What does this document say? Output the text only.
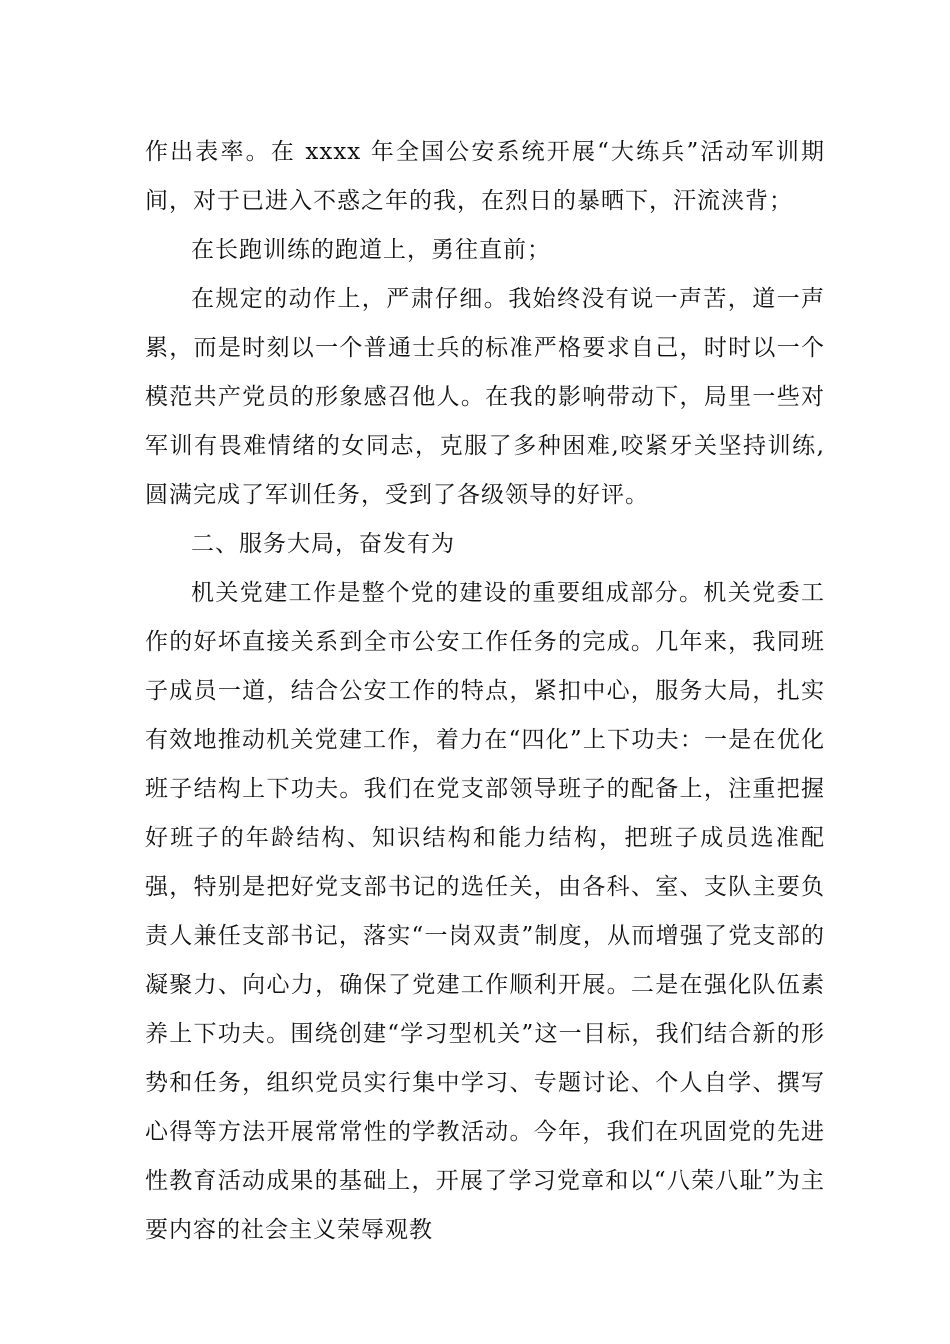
作出表率。在 xxxx 年全国公安系统开展“大练兵”活动军训期间，对于已进入不惑之年的我，在烈日的暴晒下，汗流浃背；

在长跑训练的跑道上，勇往直前；

在规定的动作上，严肃仔细。我始终没有说一声苦，道一声累，而是时刻以一个普通士兵的标准严格要求自己，时时以一个模范共产党员的形象感召他人。在我的影响带动下，局里一些对军训有畏难情绪的女同志，克服了多种困难,咬紧牙关坚持训练,圆满完成了军训任务，受到了各级领导的好评。

二、服务大局，奋发有为

机关党建工作是整个党的建设的重要组成部分。机关党委工作的好坏直接关系到全市公安工作任务的完成。几年来，我同班子成员一道，结合公安工作的特点，紧扣中心，服务大局，扎实有效地推动机关党建工作，着力在“四化”上下功夫：一是在优化班子结构上下功夫。我们在党支部领导班子的配备上，注重把握好班子的年龄结构、知识结构和能力结构，把班子成员选准配强，特别是把好党支部书记的选任关，由各科、室、支队主要负责人兼任支部书记，落实“一岗双责”制度，从而增强了党支部的凝聚力、向心力，确保了党建工作顺利开展。二是在强化队伍素养上下功夫。围绕创建“学习型机关”这一目标，我们结合新的形势和任务，组织党员实行集中学习、专题讨论、个人自学、撰写心得等方法开展常常性的学教活动。今年，我们在巩固党的先进性教育活动成果的基础上，开展了学习党章和以“八荣八耻”为主要内容的社会主义荣辱观教
